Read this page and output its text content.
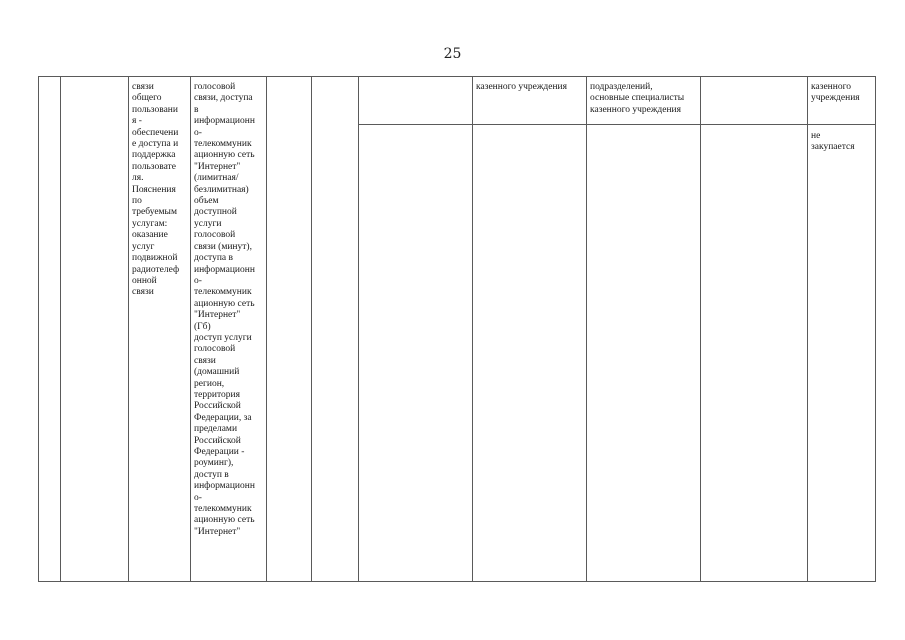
25
связи
общего
пользовани
я -
обеспечени
е доступа и
поддержка
пользовате
ля.
Пояснения
по
требуемым
услугам:
оказание
услуг
подвижной
радиотелеф
онной
связи
голосовой
связи, доступа
в
информационн
о-
телекоммуник
ационную сеть
"Интернет"
(лимитная/
безлимитная)
объем
доступной
услуги
голосовой
связи (минут),
доступа в
информационн
о-
телекоммуник
ационную сеть
"Интернет"
(Гб)
доступ услуги
голосовой
связи
(домашний
регион,
территория
Российской
Федерации, за
пределами
Российской
Федерации -
роуминг),
доступ в
информационн
о-
телекоммуник
ационную сеть
"Интернет"
казенного учреждения	подразделений,
основные специалисты
казенного учреждения
казенного
учреждения
не
закупается
